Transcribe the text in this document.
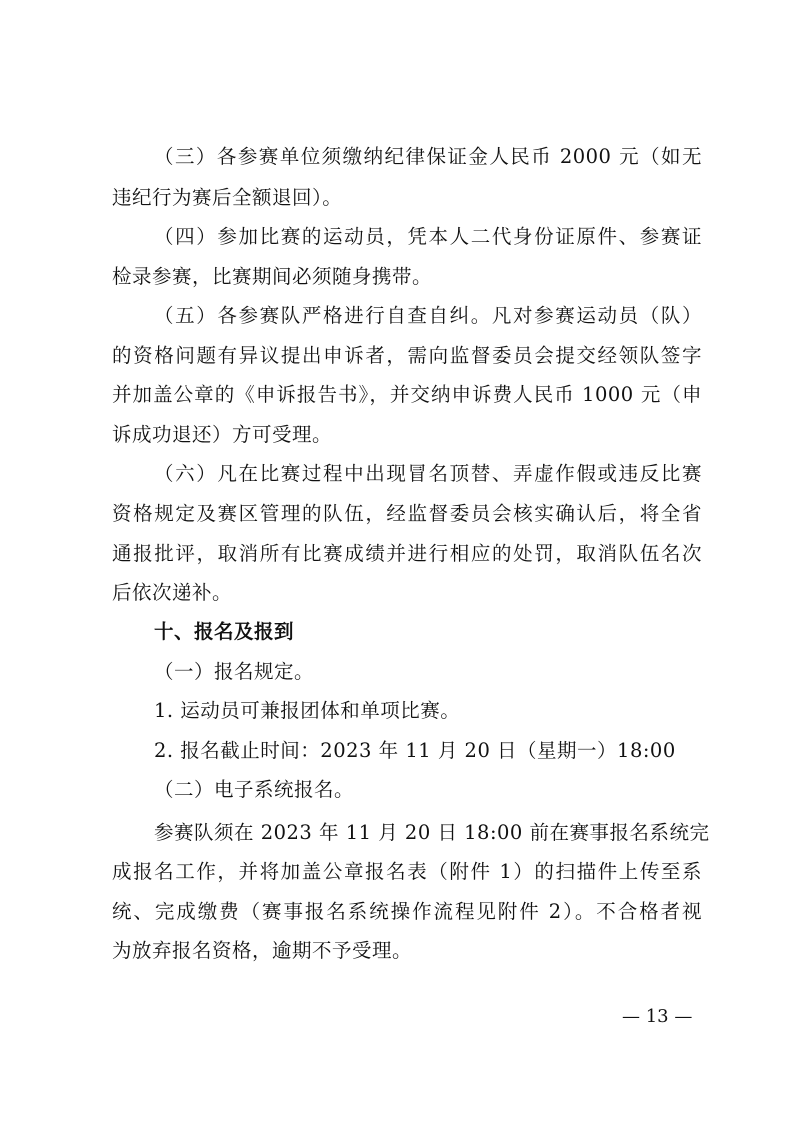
（三）各参赛单位须缴纳纪律保证金人民币 2000 元（如无
违纪行为赛后全额退回）。
（四）参加比赛的运动员，凭本人二代身份证原件、参赛证
检录参赛，比赛期间必须随身携带。
（五）各参赛队严格进行自查自纠。凡对参赛运动员（队）
的资格问题有异议提出申诉者，需向监督委员会提交经领队签字
并加盖公章的《申诉报告书》，并交纳申诉费人民币 1000 元（申
诉成功退还）方可受理。
（六）凡在比赛过程中出现冒名顶替、弄虚作假或违反比赛
资格规定及赛区管理的队伍，经监督委员会核实确认后，将全省
通报批评，取消所有比赛成绩并进行相应的处罚，取消队伍名次
后依次递补。
十、报名及报到
（一）报名规定。
1. 运动员可兼报团体和单项比赛。
2. 报名截止时间：2023 年 11 月 20 日（星期一）18:00
（二）电子系统报名。
参赛队须在 2023 年 11 月 20 日 18:00 前在赛事报名系统完
成报名工作，并将加盖公章报名表（附件 1）的扫描件上传至系
统、完成缴费（赛事报名系统操作流程见附件 2）。不合格者视
为放弃报名资格，逾期不予受理。
— 13 —
